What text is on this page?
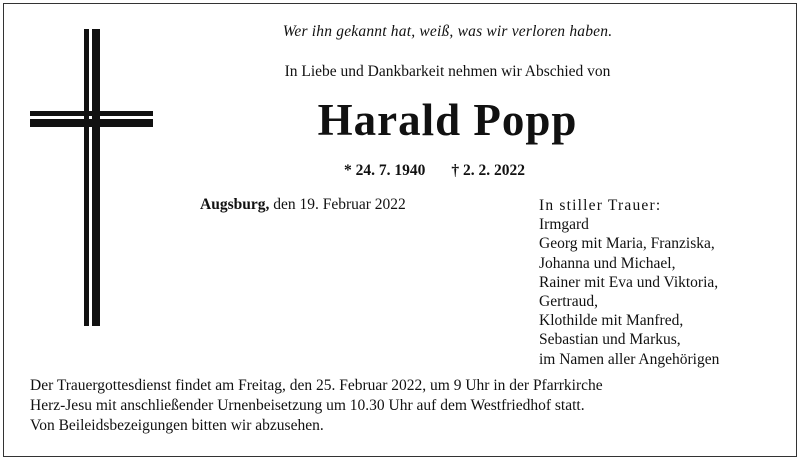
Wer ihn gekannt hat, weiß, was wir verloren haben.
In Liebe und Dankbarkeit nehmen wir Abschied von
Harald Popp
* 24. 7. 1940 † 2. 2. 2022
Augsburg, den 19. Februar 2022	In stiller Trauer:
Irmgard
Georg mit Maria, Franziska,
Johanna und Michael,
Rainer mit Eva und Viktoria,
Gertraud,
Klothilde mit Manfred,
Sebastian und Markus,
im Namen aller Angehörigen
Der Trauergottesdienst findet am Freitag, den 25. Februar 2022, um 9 Uhr in der Pfarrkirche
Herz-Jesu mit anschließender Urnenbeisetzung um 10.30 Uhr auf dem Westfriedhof statt.
Von Beileidsbezeigungen bitten wir abzusehen.
